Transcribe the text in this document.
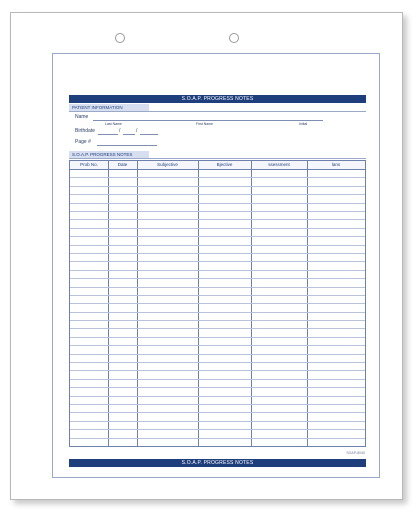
S.O.A.P. PROGRESS NOTES
PATIENT INFORMATION
Name
Last Name	First Name	Initial
Birthdate	/	/
Page #
S.O.A.P. PROGRESS NOTES
Prob No.	Date	Subjective	Bjective	ssessment	lans
SOAP-8040
S.O.A.P. PROGRESS NOTES
